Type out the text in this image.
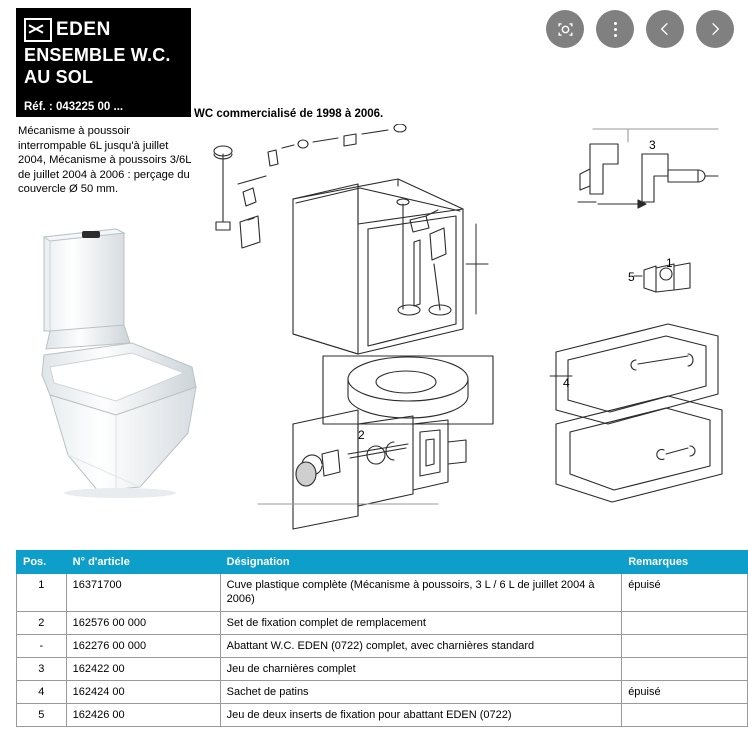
1
2
3
4
5
EDEN
ENSEMBLE W.C.
AU SOL
Réf. : 043225 00 ...
WC commercialisé de 1998 à 2006.
Mécanisme à poussoir interrompable 6L jusqu'à juillet 2004, Mécanisme à poussoirs 3/6L de juillet 2004 à 2006 : perçage du couvercle Ø 50 mm.
Pos.	N° d'article	Désignation	Remarques
1	16371700	Cuve plastique complète (Mécanisme à poussoirs, 3 L / 6 L de juillet 2004 à 2006)	épuisé
2	162576 00 000	Set de fixation complet de remplacement	
-	162276 00 000	Abattant W.C. EDEN (0722) complet, avec charnières standard	
3	162422 00	Jeu de charnières complet	
4	162424 00	Sachet de patins	épuisé
5	162426 00	Jeu de deux inserts de fixation pour abattant EDEN (0722)	
